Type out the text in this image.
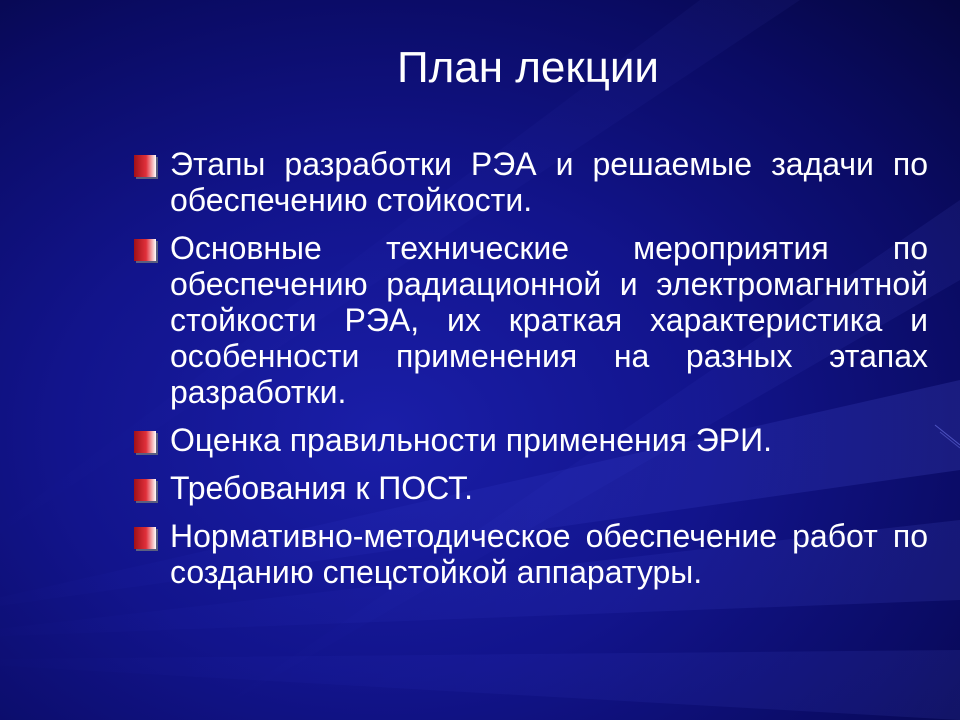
План лекции
Этапы разработки РЭА и решаемые задачи по обеспечению стойкости.
Основные технические мероприятия по обеспечению радиационной и электромагнитной стойкости РЭА, их краткая характеристика и особенности применения на разных этапах разработки.
Оценка правильности применения ЭРИ.
Требования к ПОСТ.
Нормативно-методическое обеспечение работ по созданию спецстойкой аппаратуры.
